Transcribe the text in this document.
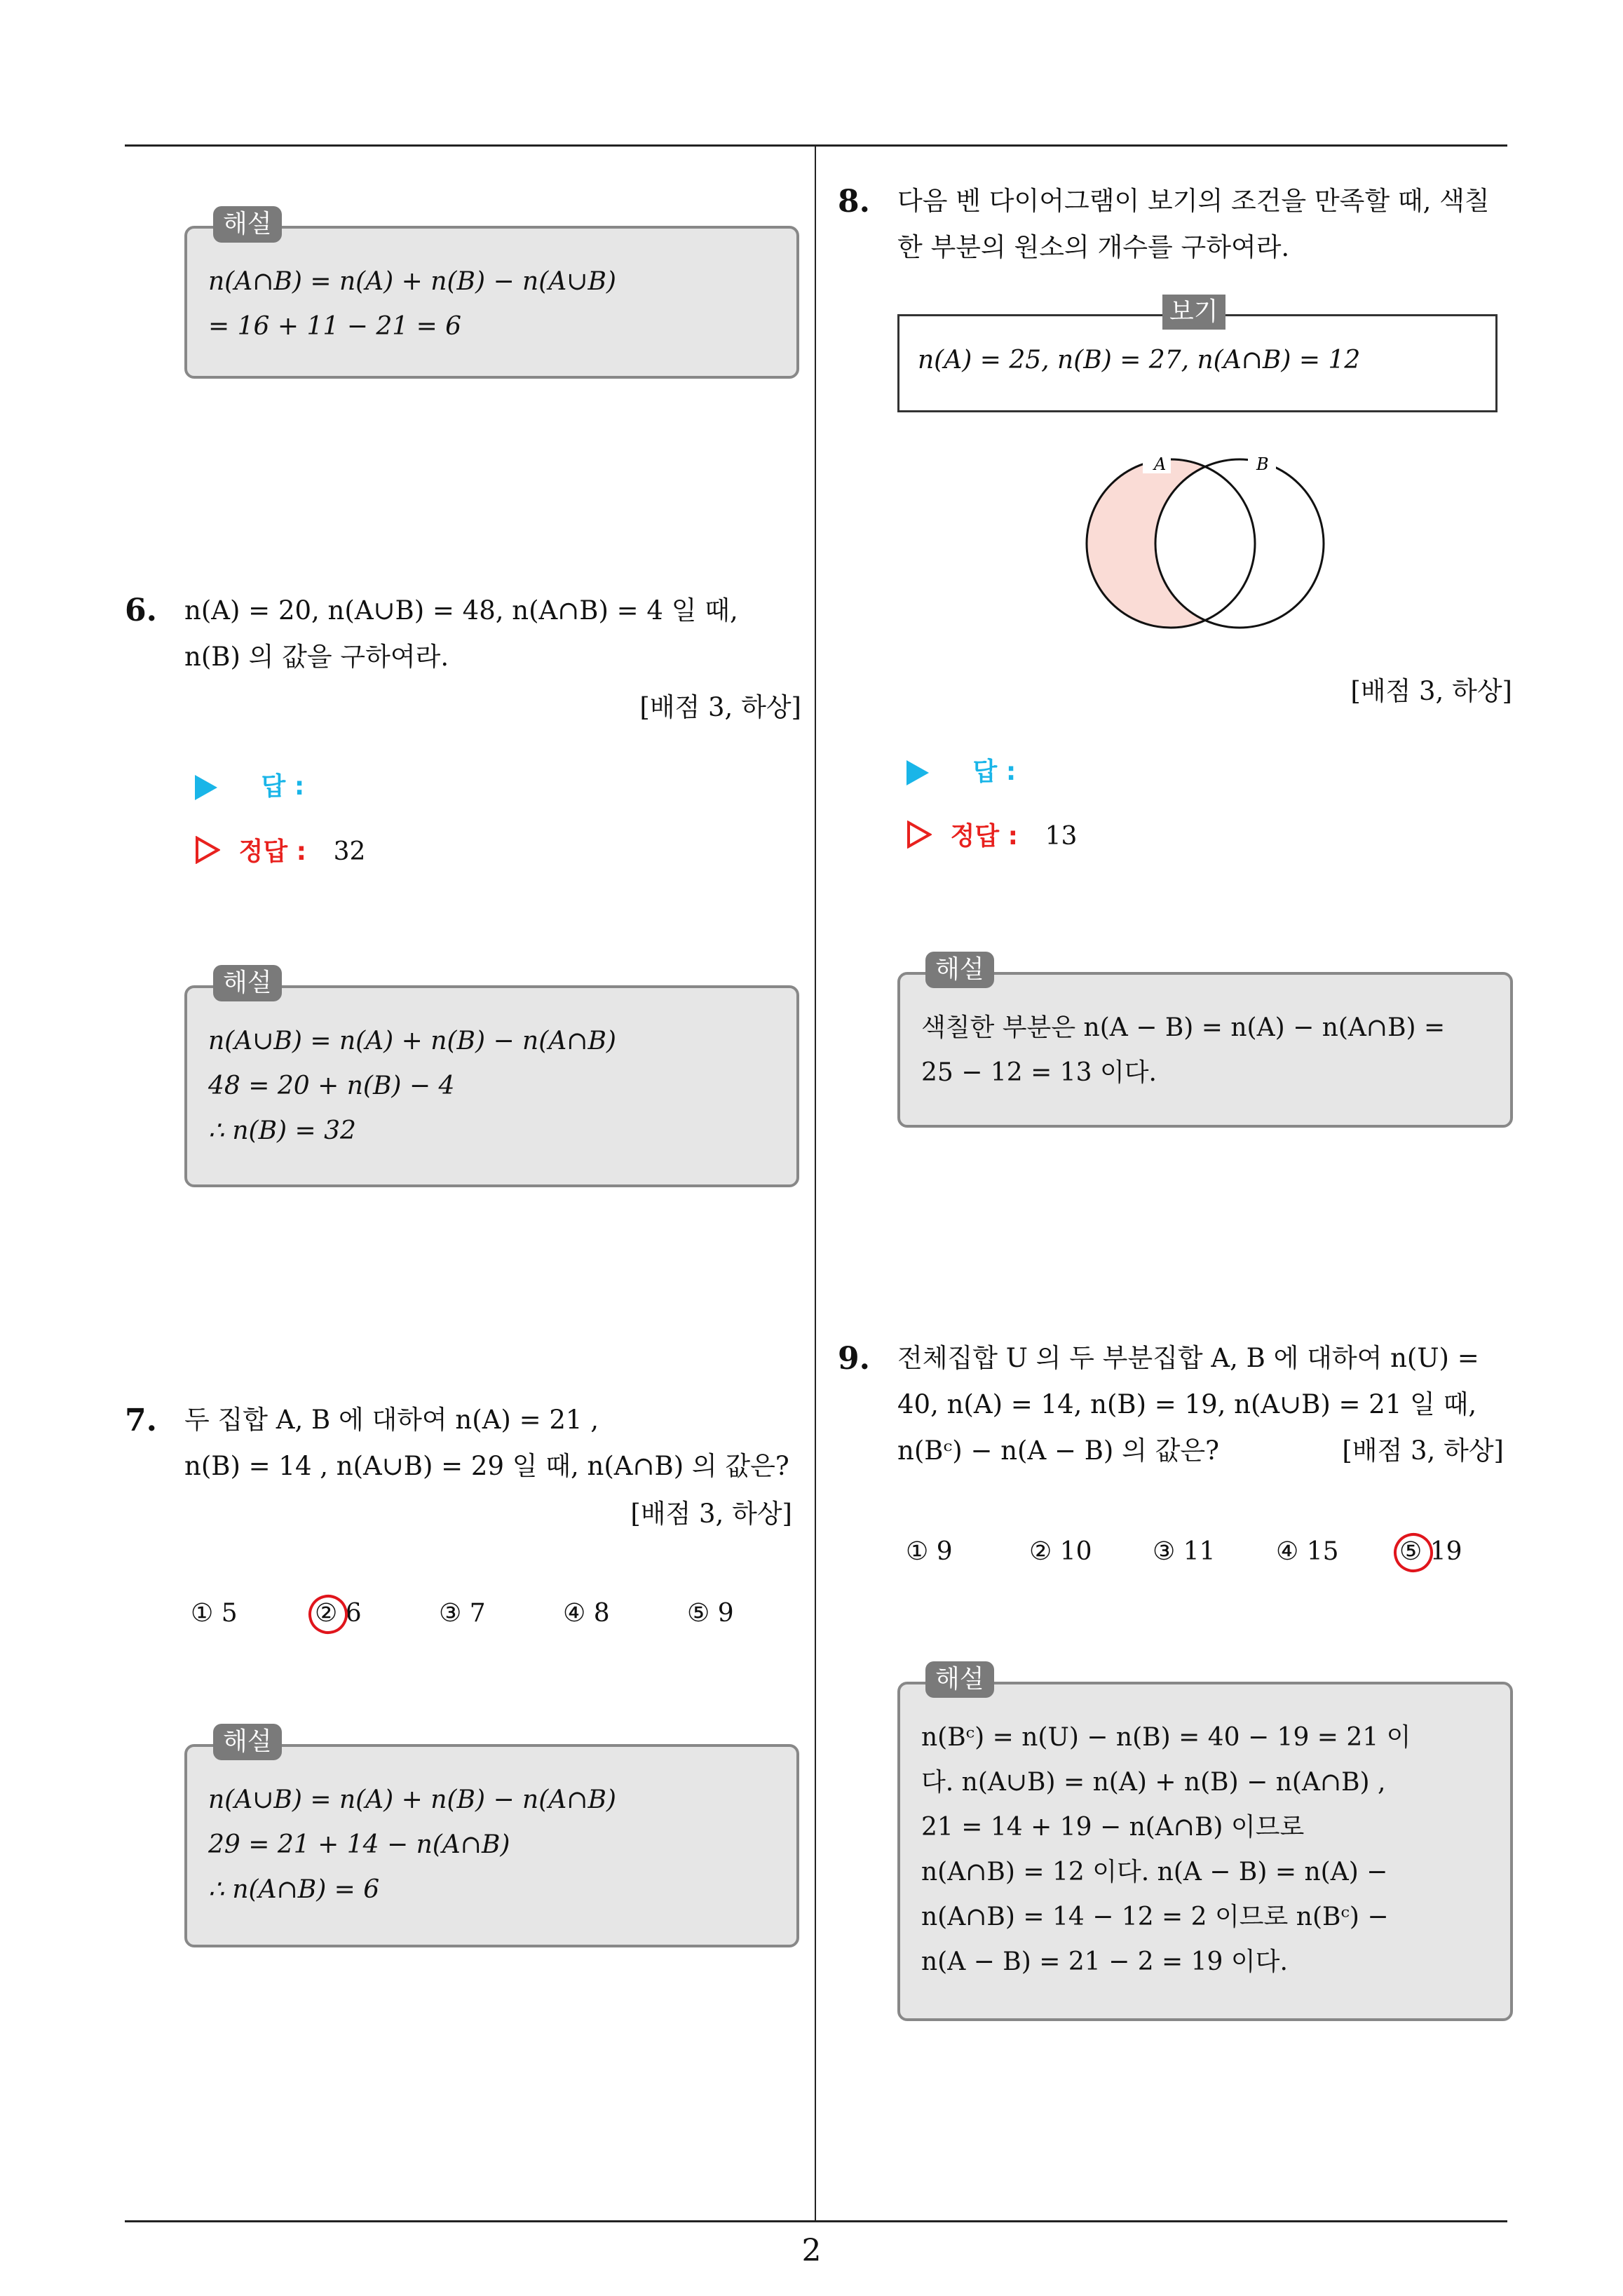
n(A∩B) = n(A) + n(B) − n(A∪B)
= 16 + 11 − 21 = 6
해설
6. n(A) = 20, n(A∪B) = 48, n(A∩B) = 4 일 때,
n(B) 의 값을 구하여라.
[배점 3, 하상]
답 :
정답 : 32
n(A∪B) = n(A) + n(B) − n(A∩B)
48 = 20 + n(B) − 4
∴ n(B) = 32
해설
7. 두 집합 A, B 에 대하여 n(A) = 21 ,
n(B) = 14 , n(A∪B) = 29 일 때, n(A∩B) 의 값은?
[배점 3, 하상]
① 5	② 6	③ 7	④ 8	⑤ 9
n(A∪B) = n(A) + n(B) − n(A∩B)
29 = 21 + 14 − n(A∩B)
∴ n(A∩B) = 6
해설
8. 다음 벤 다이어그램이 보기의 조건을 만족할 때, 색칠
한 부분의 원소의 개수를 구하여라.
n(A) = 25, n(B) = 27, n(A∩B) = 12
보기
A	B
[배점 3, 하상]
답 :
정답 : 13
색칠한 부분은 n(A − B) = n(A) − n(A∩B) =
25 − 12 = 13 이다.
해설
9. 전체집합 U 의 두 부분집합 A, B 에 대하여 n(U) =
40, n(A) = 14, n(B) = 19, n(A∪B) = 21 일 때,
n(Bᶜ) − n(A − B) 의 값은?	[배점 3, 하상]
① 9	② 10 ③ 11 ④ 15 ⑤ 19
n(Bᶜ) = n(U) − n(B) = 40 − 19 = 21 이
다. n(A∪B) = n(A) + n(B) − n(A∩B) ,
21 = 14 + 19 − n(A∩B) 이므로
n(A∩B) = 12 이다. n(A − B) = n(A) −
n(A∩B) = 14 − 12 = 2 이므로 n(Bᶜ) −
n(A − B) = 21 − 2 = 19 이다.
해설
2
